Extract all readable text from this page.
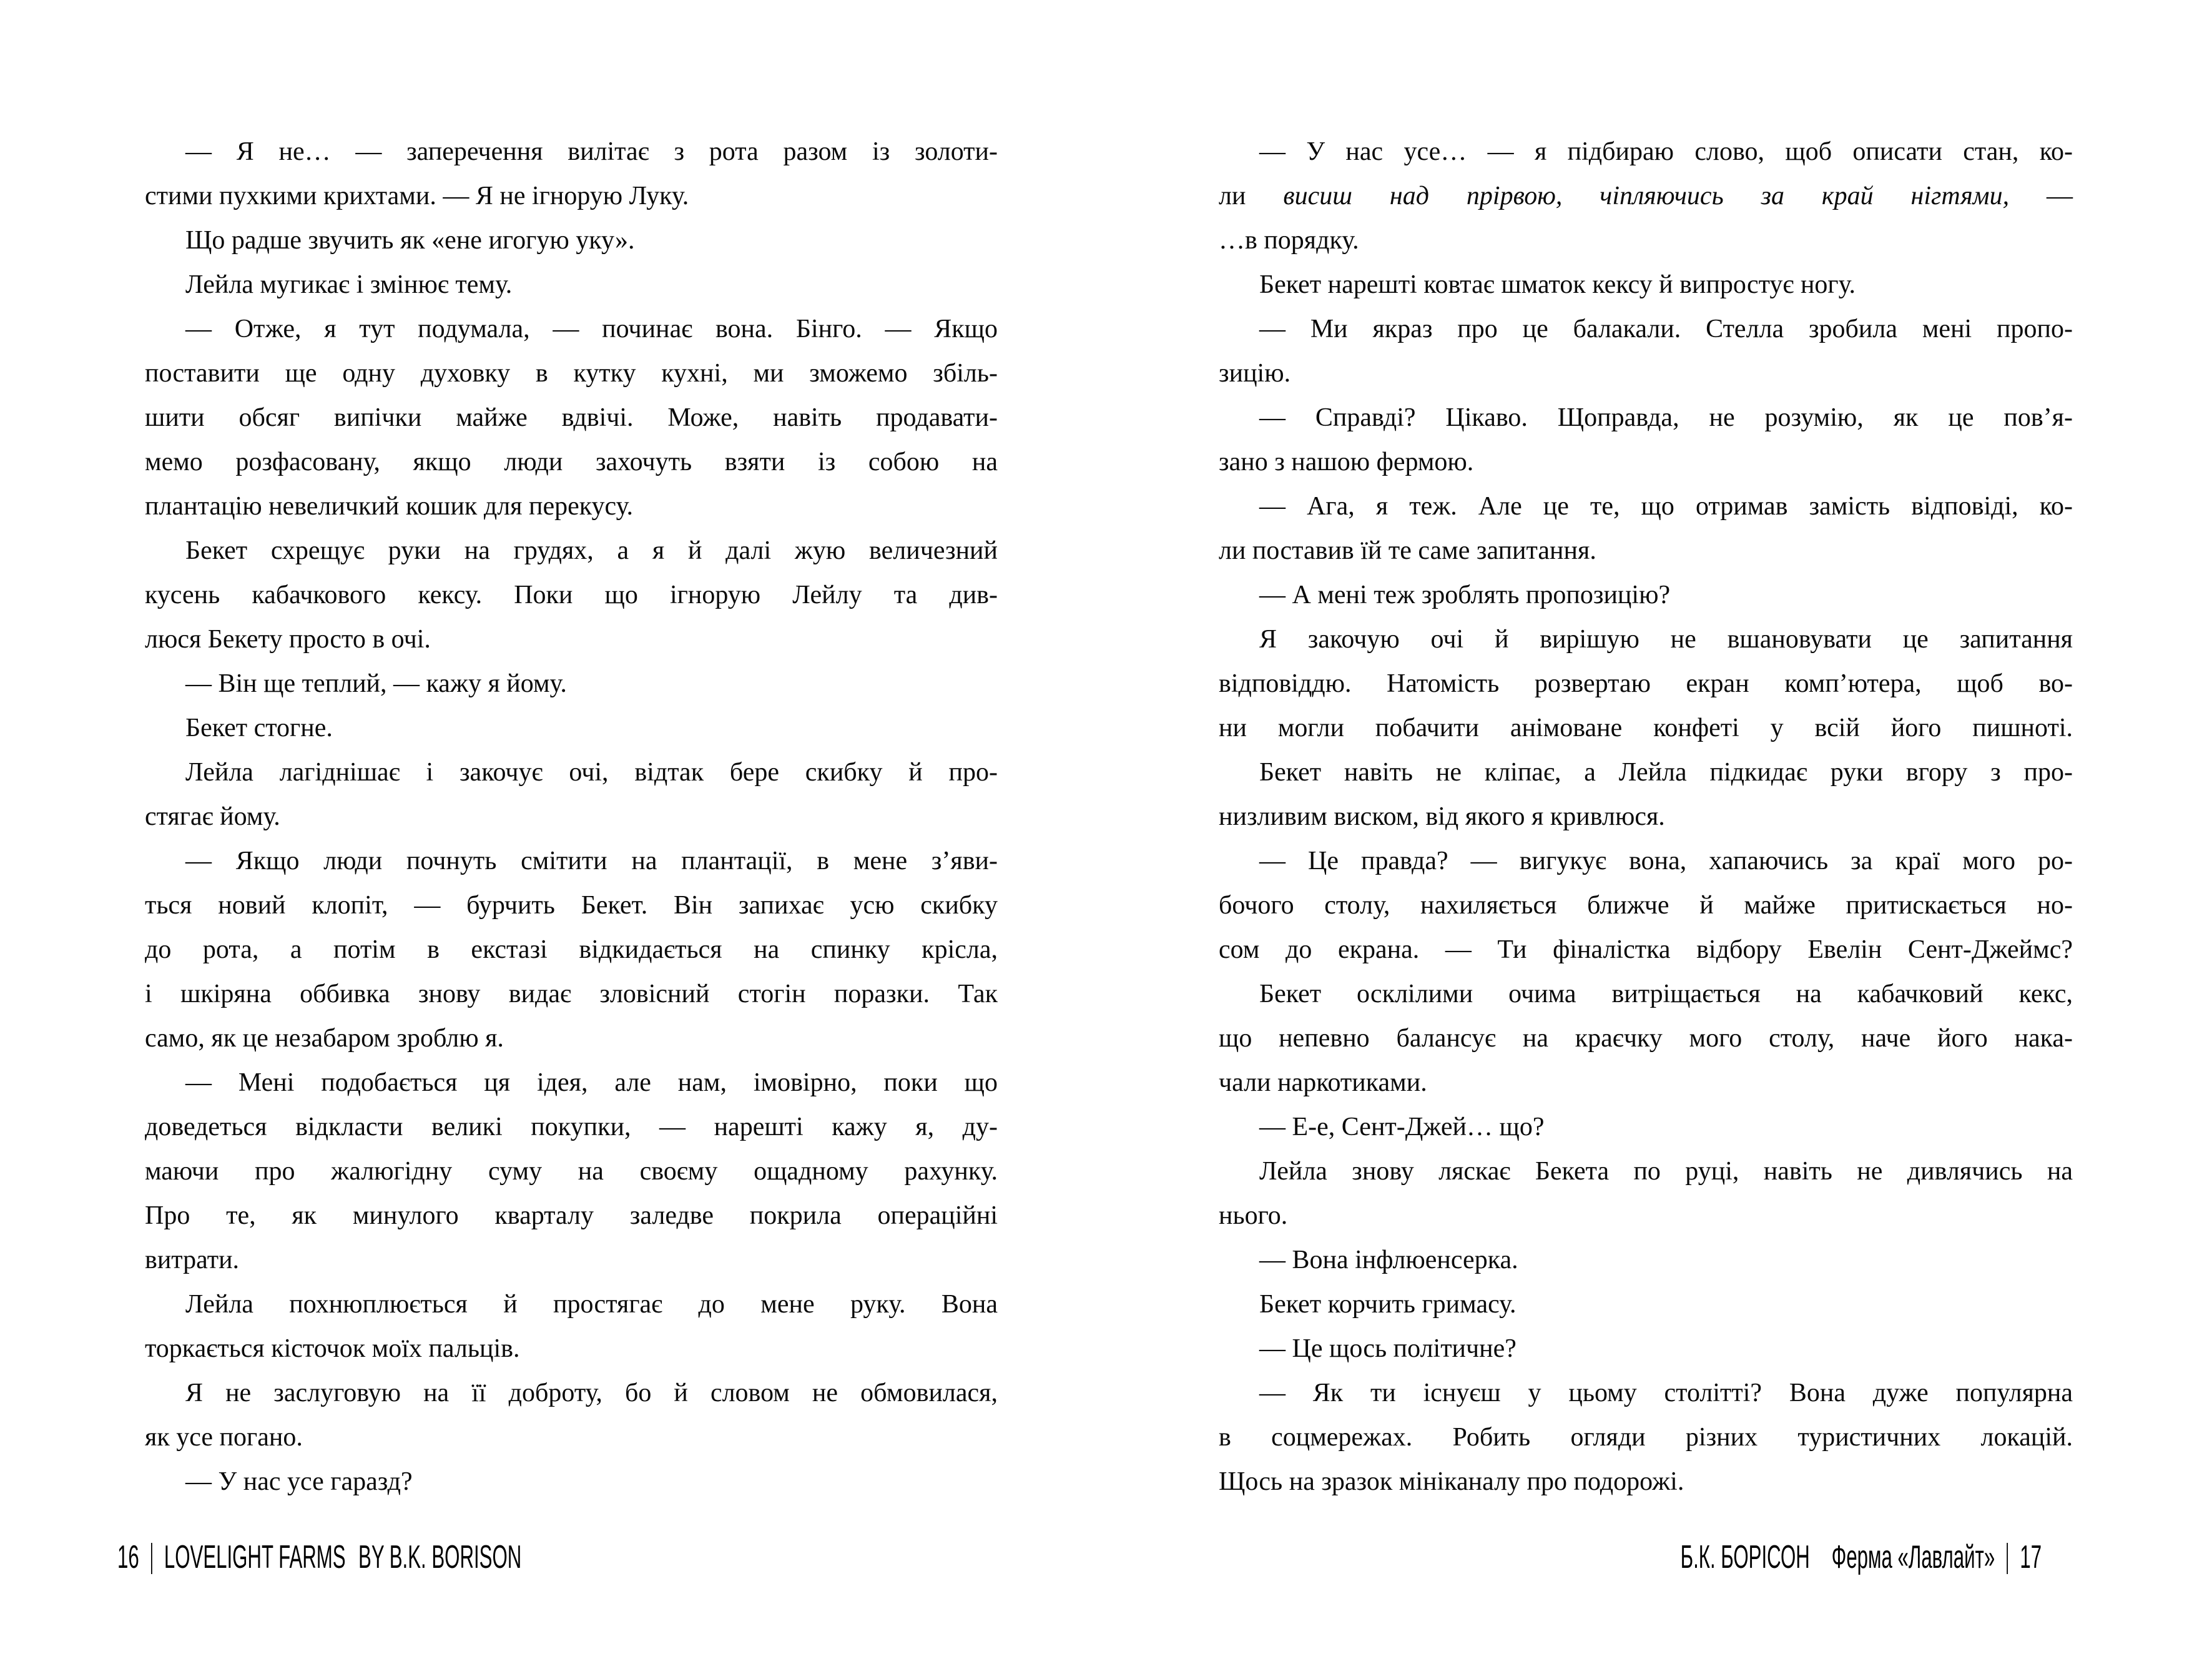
— Я не… — заперечення вилітає з рота разом із золоти-
стими пухкими крихтами. — Я не ігнорую Луку.
Що радше звучить як «ене игогую уку».
Лейла мугикає і змінює тему.
— Отже, я тут подумала, — починає вона. Бінго. — Якщо
поставити ще одну духовку в кутку кухні, ми зможемо збіль-
шити обсяг випічки майже вдвічі. Може, навіть продавати-
мемо розфасовану, якщо люди захочуть взяти із собою на
плантацію невеличкий кошик для перекусу.
Бекет схрещує руки на грудях, а я й далі жую величезний
кусень кабачкового кексу. Поки що ігнорую Лейлу та див-
люся Бекету просто в очі.
— Він ще теплий, — кажу я йому.
Бекет стогне.
Лейла лагіднішає і закочує очі, відтак бере скибку й про-
стягає йому.
— Якщо люди почнуть смітити на плантації, в мене з’яви-
ться новий клопіт, — бурчить Бекет. Він запихає усю скибку
до рота, а потім в екстазі відкидається на спинку крісла,
і шкіряна оббивка знову видає зловісний стогін поразки. Так
само, як це незабаром зроблю я.
— Мені подобається ця ідея, але нам, імовірно, поки що
доведеться відкласти великі покупки, — нарешті кажу я, ду-
маючи про жалюгідну суму на своєму ощадному рахунку.
Про те, як минулого кварталу заледве покрила операційні
витрати.
Лейла похнюплюється й простягає до мене руку. Вона
торкається кісточок моїх пальців.
Я не заслуговую на її доброту, бо й словом не обмовилася,
як усе погано.
— У нас усе гаразд?
16 LOVELIGHT FARMS BY B.K. BORISON
— У нас усе… — я підбираю слово, щоб описати стан, ко-
ли висиш над прірвою, чіпляючись за край нігтями, —
…в порядку.
Бекет нарешті ковтає шматок кексу й випростує ногу.
— Ми якраз про це балакали. Стелла зробила мені пропо-
зицію.
— Справді? Цікаво. Щоправда, не розумію, як це пов’я-
зано з нашою фермою.
— Ага, я теж. Але це те, що отримав замість відповіді, ко-
ли поставив їй те саме запитання.
— А мені теж зроблять пропозицію?
Я закочую очі й вирішую не вшановувати це запитання
відповіддю. Натомість розвертаю екран комп’ютера, щоб во-
ни могли побачити анімоване конфеті у всій його пишноті.
Бекет навіть не кліпає, а Лейла підкидає руки вгору з про-
низливим виском, від якого я кривлюся.
— Це правда? — вигукує вона, хапаючись за краї мого ро-
бочого столу, нахиляється ближче й майже притискається но-
сом до екрана. — Ти фіналістка відбору Евелін Сент-Джеймс?
Бекет осклілими очима витріщається на кабачковий кекс,
що непевно балансує на краєчку мого столу, наче його нака-
чали наркотиками.
— Е-е, Сент-Джей… що?
Лейла знову ляскає Бекета по руці, навіть не дивлячись на
нього.
— Вона інфлюенсерка.
Бекет корчить гримасу.
— Це щось політичне?
— Як ти існуєш у цьому столітті? Вона дуже популярна
в соцмережах. Робить огляди різних туристичних локацій.
Щось на зразок мініканалу про подорожі.
Б.К. БОРІСОН Ферма «Лавлайт» 17
